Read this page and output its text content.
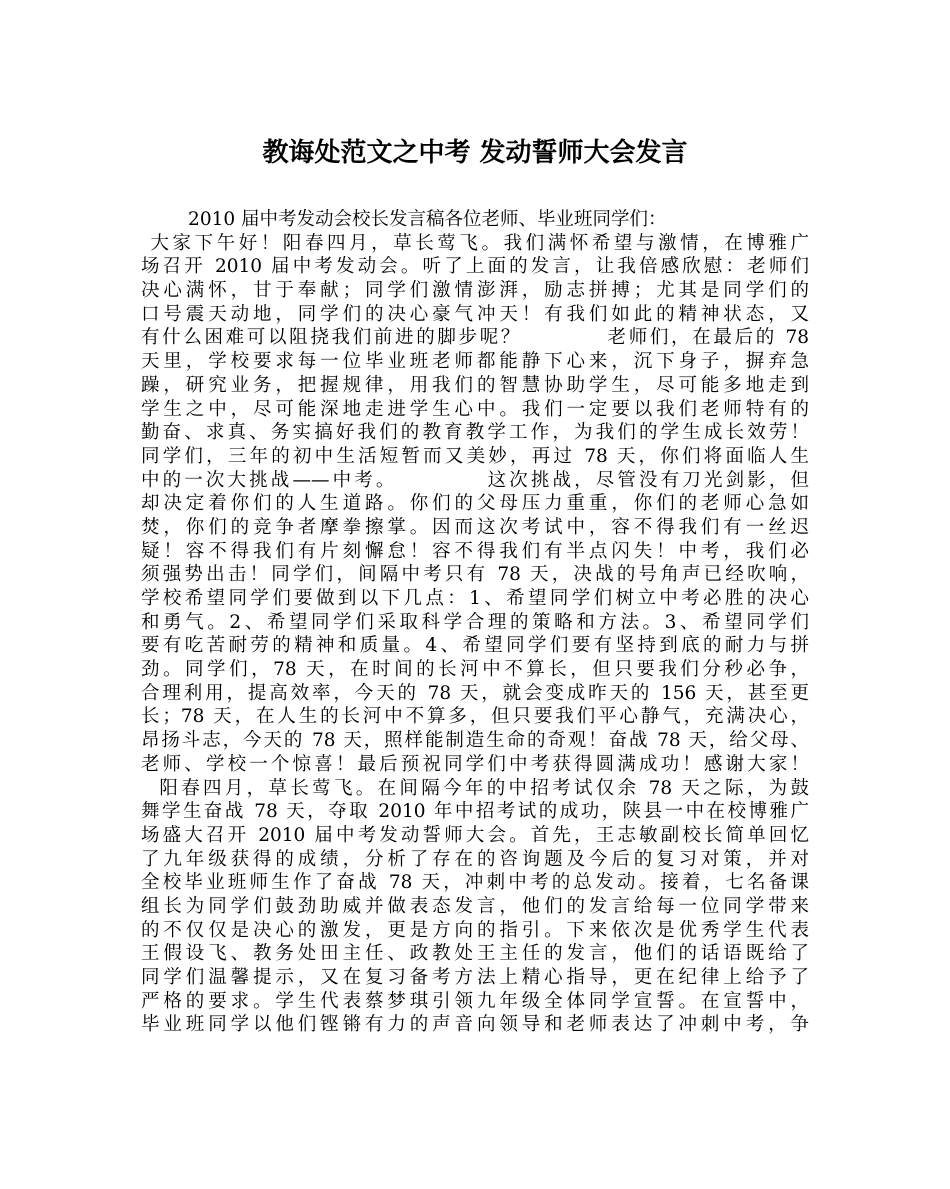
教诲处范文之中考 发动誓师大会发言
2010 届中考发动会校长发言稿各位老师、毕业班同学们：
大家下午好！阳春四月，草长莺飞。我们满怀希望与激情，在博雅广
场召开 2010 届中考发动会。听了上面的发言，让我倍感欣慰：老师们
决心满怀，甘于奉献；同学们激情澎湃，励志拼搏；尤其是同学们的
口号震天动地，同学们的决心豪气冲天！有我们如此的精神状态，又
有什么困难可以阻挠我们前进的脚步呢？          老师们，在最后的 78
天里，学校要求每一位毕业班老师都能静下心来，沉下身子，摒弃急
躁，研究业务，把握规律，用我们的智慧协助学生，尽可能多地走到
学生之中，尽可能深地走进学生心中。我们一定要以我们老师特有的
勤奋、求真、务实搞好我们的教育教学工作，为我们的学生成长效劳！
同学们，三年的初中生活短暂而又美妙，再过 78 天，你们将面临人生
中的一次大挑战——中考。          这次挑战，尽管没有刀光剑影，但
却决定着你们的人生道路。你们的父母压力重重，你们的老师心急如
焚，你们的竞争者摩拳擦掌。因而这次考试中，容不得我们有一丝迟
疑！容不得我们有片刻懈怠！容不得我们有半点闪失！中考，我们必
须强势出击！同学们，间隔中考只有 78 天，决战的号角声已经吹响，
学校希望同学们要做到以下几点：1、希望同学们树立中考必胜的决心
和勇气。2、希望同学们采取科学合理的策略和方法。3、希望同学们
要有吃苦耐劳的精神和质量。4、希望同学们要有坚持到底的耐力与拼
劲。同学们，78 天，在时间的长河中不算长，但只要我们分秒必争，
合理利用，提高效率，今天的 78 天，就会变成昨天的 156 天，甚至更
长；78 天，在人生的长河中不算多，但只要我们平心静气，充满决心，
昂扬斗志，今天的 78 天，照样能制造生命的奇观！奋战 78 天，给父母、
老师、学校一个惊喜！最后预祝同学们中考获得圆满成功！感谢大家！
阳春四月，草长莺飞。在间隔今年的中招考试仅余 78 天之际，为鼓
舞学生奋战 78 天，夺取 2010 年中招考试的成功，陕县一中在校博雅广
场盛大召开 2010 届中考发动誓师大会。首先，王志敏副校长简单回忆
了九年级获得的成绩，分析了存在的咨询题及今后的复习对策，并对
全校毕业班师生作了奋战 78 天，冲刺中考的总发动。接着，七名备课
组长为同学们鼓劲助威并做表态发言，他们的发言给每一位同学带来
的不仅仅是决心的激发，更是方向的指引。下来依次是优秀学生代表
王假设飞、教务处田主任、政教处王主任的发言，他们的话语既给了
同学们温馨提示，又在复习备考方法上精心指导，更在纪律上给予了
严格的要求。学生代表蔡梦琪引领九年级全体同学宣誓。在宣誓中，
毕业班同学以他们铿锵有力的声音向领导和老师表达了冲刺中考，争
